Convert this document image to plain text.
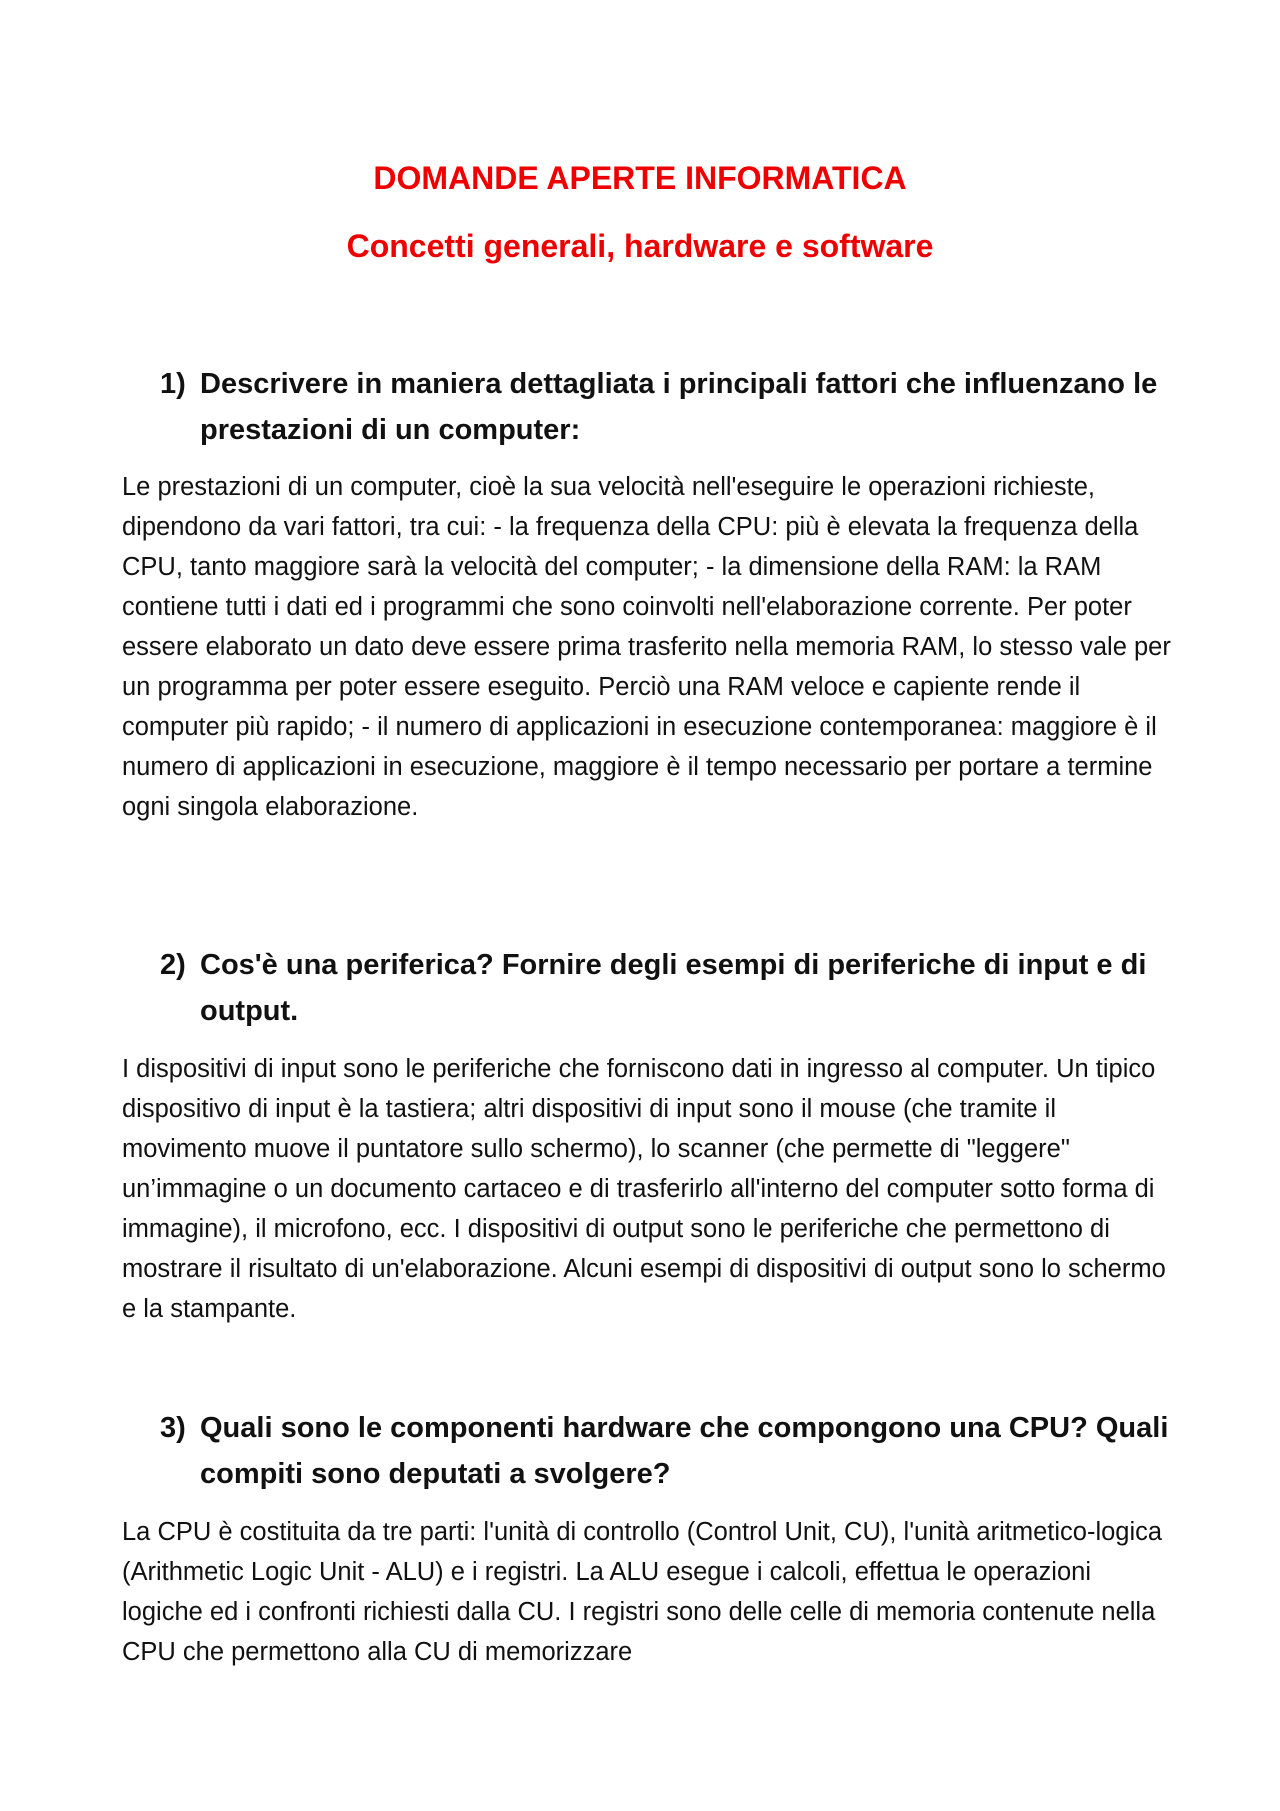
DOMANDE APERTE INFORMATICA
Concetti generali, hardware e software
1) Descrivere in maniera dettagliata i principali fattori che influenzano le prestazioni di un computer:
Le prestazioni di un computer, cioè la sua velocità nell'eseguire le operazioni richieste, dipendono da vari fattori, tra cui: - la frequenza della CPU: più è elevata la frequenza della CPU, tanto maggiore sarà la velocità del computer; - la dimensione della RAM: la RAM contiene tutti i dati ed i programmi che sono coinvolti nell'elaborazione corrente. Per poter essere elaborato un dato deve essere prima trasferito nella memoria RAM, lo stesso vale per un programma per poter essere eseguito. Perciò una RAM veloce e capiente rende il computer più rapido; - il numero di applicazioni in esecuzione contemporanea: maggiore è il numero di applicazioni in esecuzione, maggiore è il tempo necessario per portare a termine ogni singola elaborazione.
2) Cos'è una periferica? Fornire degli esempi di periferiche di input e di output.
I dispositivi di input sono le periferiche che forniscono dati in ingresso al computer. Un tipico dispositivo di input è la tastiera; altri dispositivi di input sono il mouse (che tramite il movimento muove il puntatore sullo schermo), lo scanner (che permette di "leggere" un’immagine o un documento cartaceo e di trasferirlo all'interno del computer sotto forma di immagine), il microfono, ecc. I dispositivi di output sono le periferiche che permettono di mostrare il risultato di un'elaborazione. Alcuni esempi di dispositivi di output sono lo schermo e la stampante.
3) Quali sono le componenti hardware che compongono una CPU? Quali compiti sono deputati a svolgere?
La CPU è costituita da tre parti: l'unità di controllo (Control Unit, CU), l'unità aritmetico-logica (Arithmetic Logic Unit - ALU) e i registri. La ALU esegue i calcoli, effettua le operazioni logiche ed i confronti richiesti dalla CU. I registri sono delle celle di memoria contenute nella CPU che permettono alla CU di memorizzare
